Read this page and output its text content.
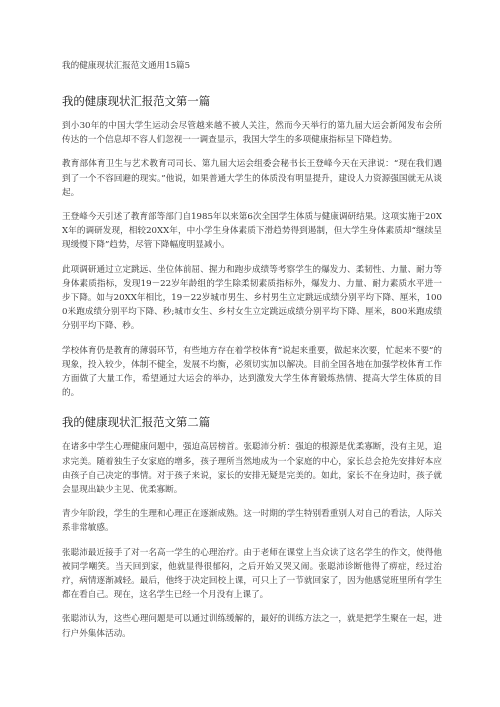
我的健康现状汇报范文通用15篇5
我的健康现状汇报范文第一篇

到小30年的中国大学生运动会尽管越来越不被人关注，然而今天举行的第九届大运会新闻发布会所传达的一个信息却不容人们忽视一一调查显示，我国大学生的多项健康指标呈下降趋势。

教育部体育卫生与艺术教育司司长、第九届大运会组委会秘书长王登峰今天在天津说：“现在我们遇到了一个不容回避的现实。”他说，如果普通大学生的体质没有明显提升，建设人力资源强国就无从谈起。

王登峰今天引述了教育部等部门自1985年以来第6次全国学生体质与健康调研结果。这项实施于20XX年的调研发现，相较20XX年，中小学生身体素质下滑趋势得到遏制，但大学生身体素质却“继续呈现缓慢下降”趋势，尽管下降幅度明显减小。

此项调研通过立定跳远、坐位体前屈、握力和跑步成绩等考察学生的爆发力、柔韧性、力量、耐力等身体素质指标，发现19－22岁年龄组的学生除柔韧素质指标外，爆发力、力量、耐力素质水平进一步下降。如与20XX年相比，19－22岁城市男生、乡村男生立定跳远成绩分别平均下降、厘米，1000米跑成绩分别平均下降、秒;城市女生、乡村女生立定跳远成绩分别平均下降、厘米，800米跑成绩分别平均下降、秒。

学校体育仍是教育的薄弱环节，有些地方存在着学校体育“说起来重要，做起来次要，忙起来不要”的现象，投入较少，体制不健全，发展不均衡，必须切实加以解决。目前全国各地在加强学校体育工作方面做了大量工作，希望通过大运会的举办，达到激发大学生体育锻炼热情、提高大学生体质的目的。

我的健康现状汇报范文第二篇

在诸多中学生心理健康问题中，强迫高居榜首。张聪沛分析：强迫的根源是优柔寡断，没有主见，追求完美。随着独生子女家庭的增多，孩子理所当然地成为一个家庭的中心，家长总会抢先安排好本应由孩子自己决定的事情。对于孩子来说，家长的安排无疑是完美的。如此，家长不在身边时，孩子就会显现出缺少主见、优柔寡断。

青少年阶段，学生的生理和心理正在逐渐成熟。这一时期的学生特别看重别人对自己的看法，人际关系非常敏感。

张聪沛最近接手了对一名高一学生的心理治疗。由于老师在课堂上当众读了这名学生的作文，使得他被同学嘲笑。当天回到家，他就显得很郁闷，之后开始又哭又闹。张聪沛诊断他得了痹症，经过治疗，病情逐渐减轻。最后，他终于决定回校上课，可只上了一节就回家了，因为他感觉班里所有学生都在看自己。现在，这名学生已经一个月没有上课了。

张聪沛认为，这些心理问题是可以通过训练缓解的，最好的训练方法之一，就是把学生聚在一起，进行户外集体活动。
